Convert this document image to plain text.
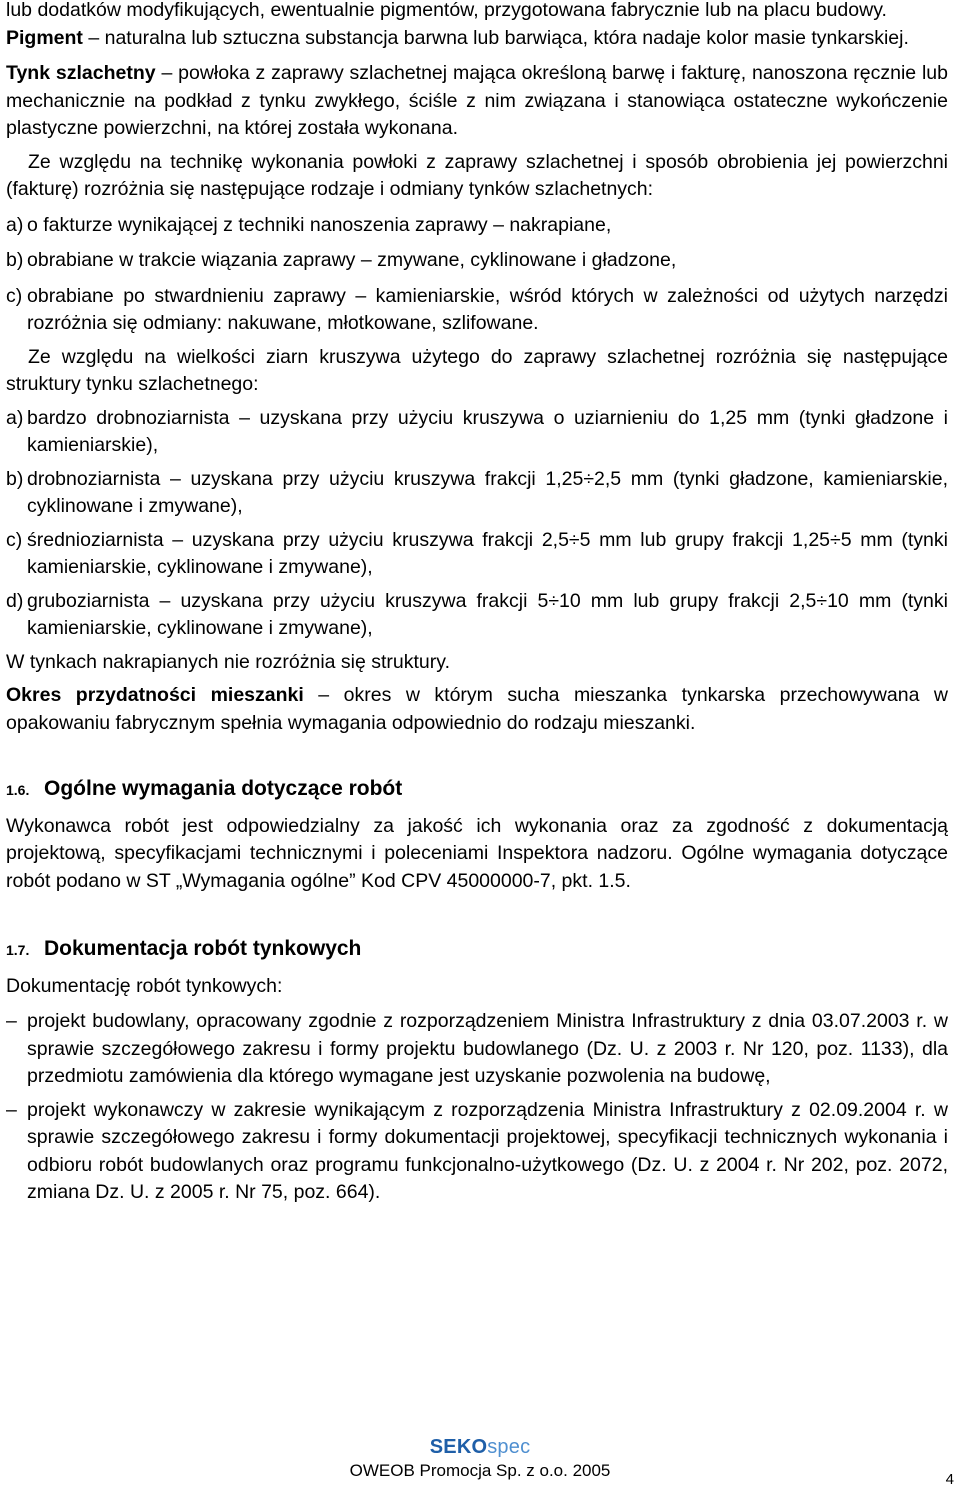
lub dodatków modyfikujących, ewentualnie pigmentów, przygotowana fabrycznie lub na placu budowy.

Pigment – naturalna lub sztuczna substancja barwna lub barwiąca, która nadaje kolor masie tynkarskiej.

Tynk szlachetny – powłoka z zaprawy szlachetnej mająca określoną barwę i fakturę, nanoszona ręcznie lub mechanicznie na podkład z tynku zwykłego, ściśle z nim związana i stanowiąca ostateczne wykończenie plastyczne powierzchni, na której została wykonana.

Ze względu na technikę wykonania powłoki z zaprawy szlachetnej i sposób obrobienia jej powierzchni (fakturę) rozróżnia się następujące rodzaje i odmiany tynków szlachetnych:

a) o fakturze wynikającej z techniki nanoszenia zaprawy – nakrapiane,
b) obrabiane w trakcie wiązania zaprawy – zmywane, cyklinowane i gładzone,
c) obrabiane po stwardnieniu zaprawy – kamieniarskie, wśród których w zależności od użytych narzędzi rozróżnia się odmiany: nakuwane, młotkowane, szlifowane.

Ze względu na wielkości ziarn kruszywa użytego do zaprawy szlachetnej rozróżnia się następujące struktury tynku szlachetnego:

a) bardzo drobnoziarnista – uzyskana przy użyciu kruszywa o uziarnieniu do 1,25 mm (tynki gładzone i kamieniarskie),
b) drobnoziarnista – uzyskana przy użyciu kruszywa frakcji 1,25÷2,5 mm (tynki gładzone, kamieniarskie, cyklinowane i zmywane),
c) średnioziarnista – uzyskana przy użyciu kruszywa frakcji 2,5÷5 mm lub grupy frakcji 1,25÷5 mm (tynki kamieniarskie, cyklinowane i zmywane),
d) gruboziarnista – uzyskana przy użyciu kruszywa frakcji 5÷10 mm lub grupy frakcji 2,5÷10 mm (tynki kamieniarskie, cyklinowane i zmywane),

W tynkach nakrapianych nie rozróżnia się struktury.

Okres przydatności mieszanki – okres w którym sucha mieszanka tynkarska przechowywana w opakowaniu fabrycznym spełnia wymagania odpowiednio do rodzaju mieszanki.

1.6. Ogólne wymagania dotyczące robót

Wykonawca robót jest odpowiedzialny za jakość ich wykonania oraz za zgodność z dokumentacją projektową, specyfikacjami technicznymi i poleceniami Inspektora nadzoru. Ogólne wymagania dotyczące robót podano w ST „Wymagania ogólne” Kod CPV 45000000-7, pkt. 1.5.

1.7. Dokumentacja robót tynkowych

Dokumentację robót tynkowych:

– projekt budowlany, opracowany zgodnie z rozporządzeniem Ministra Infrastruktury z dnia 03.07.2003 r. w sprawie szczegółowego zakresu i formy projektu budowlanego (Dz. U. z 2003 r. Nr 120, poz. 1133), dla przedmiotu zamówienia dla którego wymagane jest uzyskanie pozwolenia na budowę,
– projekt wykonawczy w zakresie wynikającym z rozporządzenia Ministra Infrastruktury z 02.09.2004 r. w sprawie szczegółowego zakresu i formy dokumentacji projektowej, specyfikacji technicznych wykonania i odbioru robót budowlanych oraz programu funkcjonalno-użytkowego (Dz. U. z 2004 r. Nr 202, poz. 2072, zmiana Dz. U. z 2005 r. Nr 75, poz. 664).
SEKOspec
OWEOB Promocja Sp. z o.o. 2005	4
